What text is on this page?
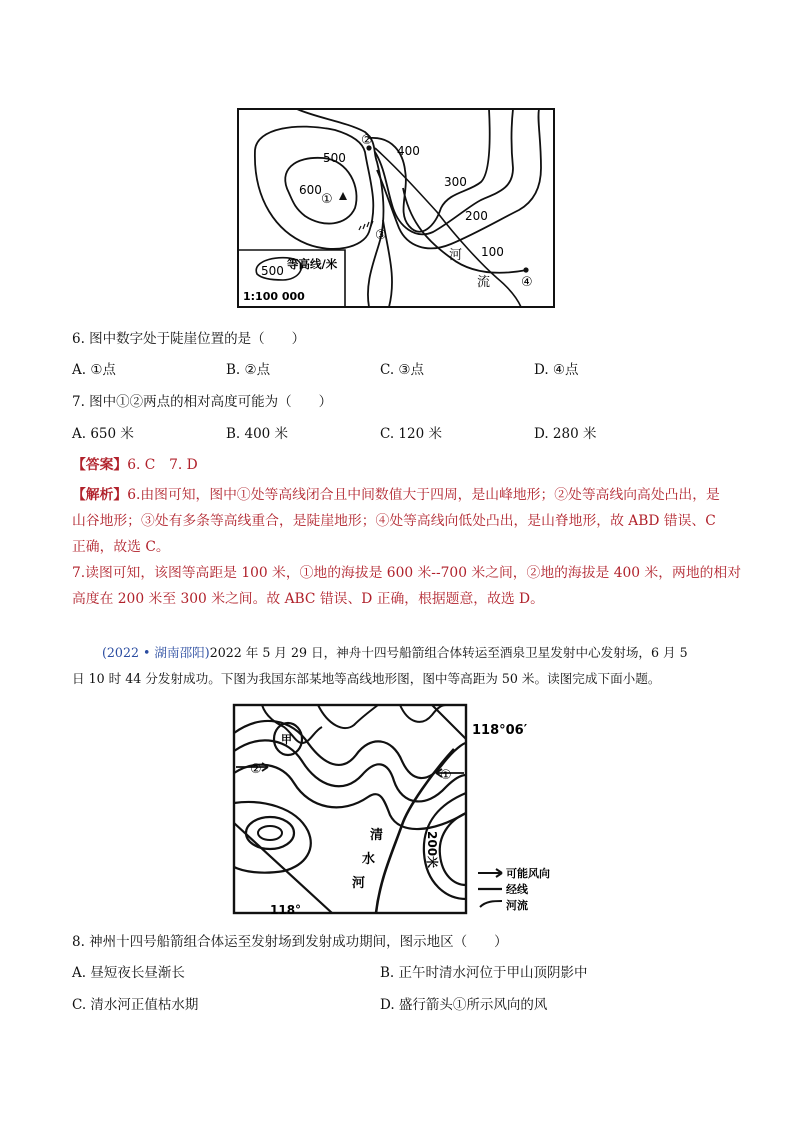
600
500	400
300
200
100
①
②
③
④
河
流
500 等高线/米
1:100 000
6. 图中数字处于陡崖位置的是（　　）
A. ①点	B. ②点	C. ③点	D. ④点
7. 图中①②两点的相对高度可能为（　　）
A. 650 米	B. 400 米	C. 120 米	D. 280 米
【答案】6. C　7. D
【解析】6.由图可知，图中①处等高线闭合且中间数值大于四周，是山峰地形；②处等高线向高处凸出，是
山谷地形；③处有多条等高线重合，是陡崖地形；④处等高线向低处凸出，是山脊地形，故 ABD 错误、C
正确，故选 C。
7.读图可知，该图等高距是 100 米，①地的海拔是 600 米--700 米之间，②地的海拔是 400 米，两地的相对
高度在 200 米至 300 米之间。故 ABC 错误、D 正确，根据题意，故选 D。
(2022 • 湖南邵阳)2022 年 5 月 29 日，神舟十四号船箭组合体转运至酒泉卫星发射中心发射场，6 月 5
日 10 时 44 分发射成功。下图为我国东部某地等高线地形图，图中等高距为 50 米。读图完成下面小题。
甲
118°06′
118°
①
②
清
水
河
200米
可能风向
经线
河流
8. 神州十四号船箭组合体运至发射场到发射成功期间，图示地区（　　）
A. 昼短夜长昼渐长	B. 正午时清水河位于甲山顶阴影中
C. 清水河正值枯水期	D. 盛行箭头①所示风向的风
